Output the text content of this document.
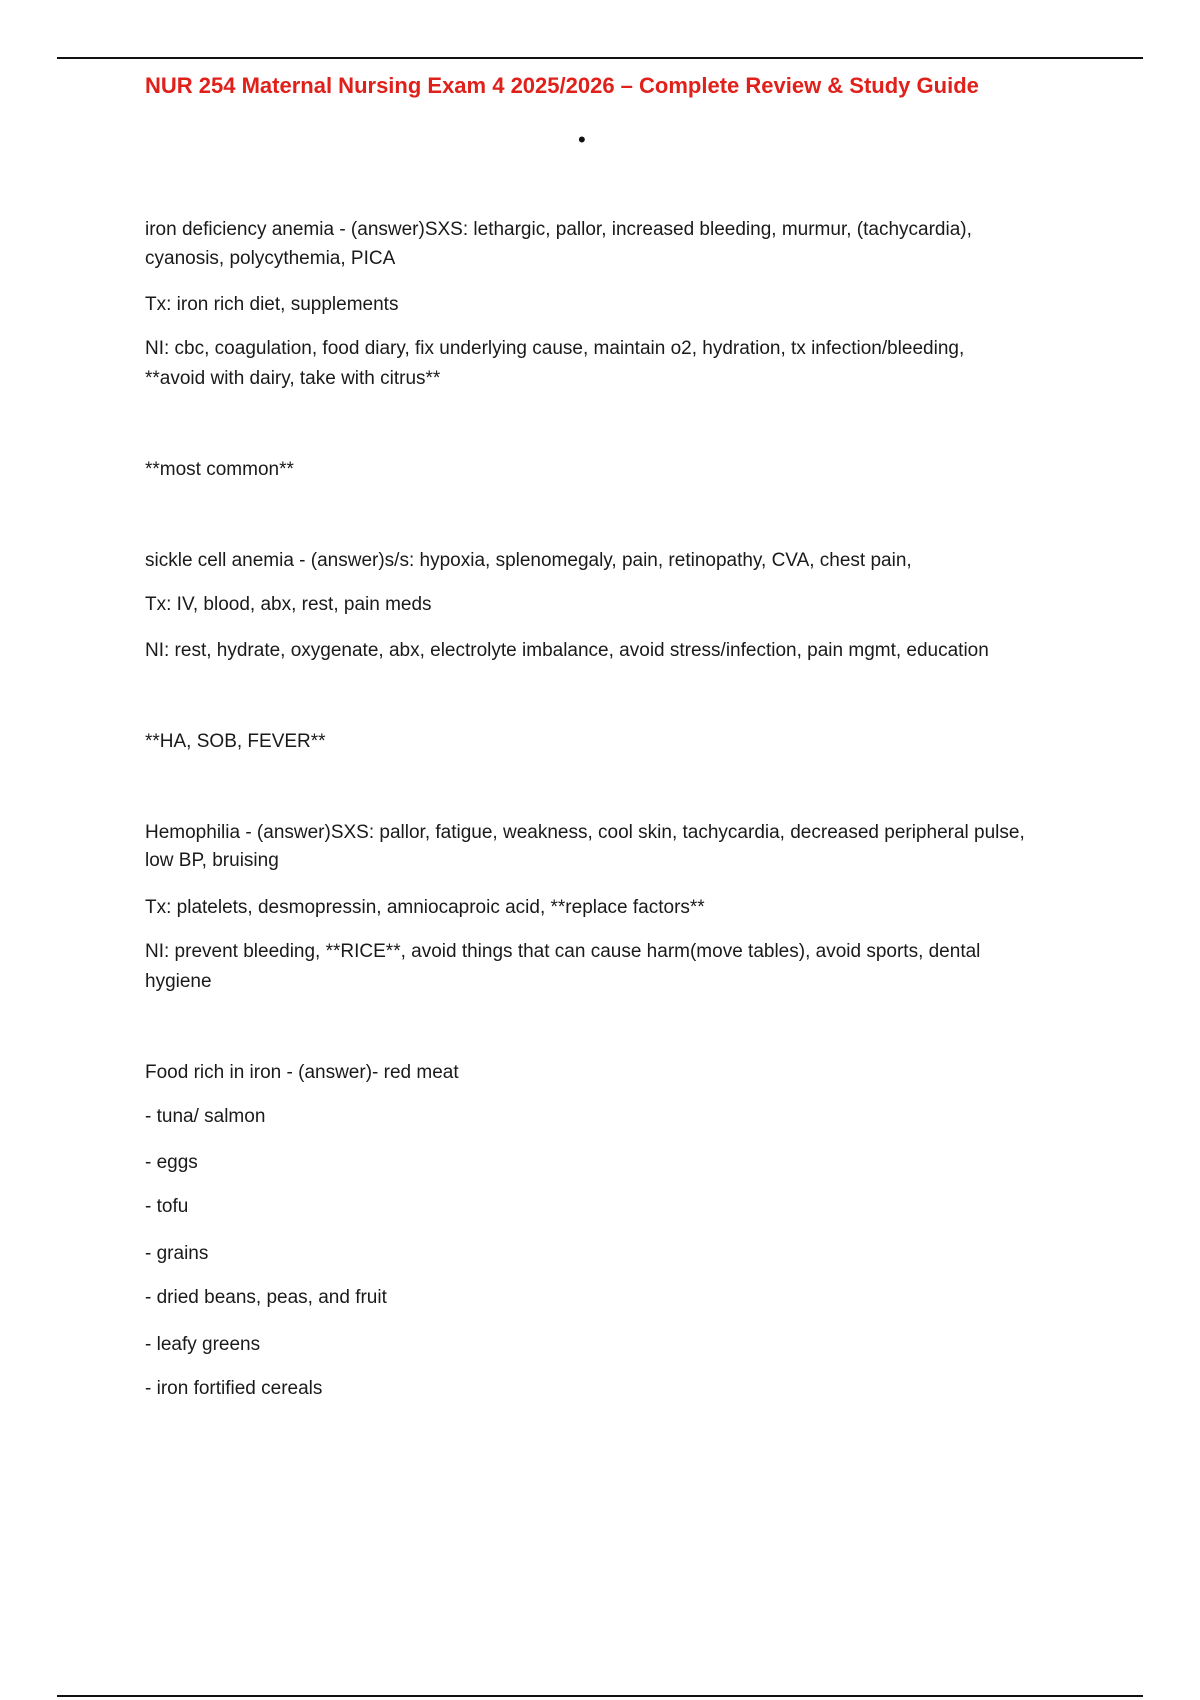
NUR 254 Maternal Nursing Exam 4 2025/2026 – Complete Review & Study Guide
•

iron deficiency anemia - (answer)SXS: lethargic, pallor, increased bleeding, murmur, (tachycardia),

cyanosis, polycythemia, PICA

Tx: iron rich diet, supplements

NI: cbc, coagulation, food diary, fix underlying cause, maintain o2, hydration, tx infection/bleeding,

**avoid with dairy, take with citrus**

**most common**

sickle cell anemia - (answer)s/s: hypoxia, splenomegaly, pain, retinopathy, CVA, chest pain,

Tx: IV, blood, abx, rest, pain meds

NI: rest, hydrate, oxygenate, abx, electrolyte imbalance, avoid stress/infection, pain mgmt, education

**HA, SOB, FEVER**

Hemophilia - (answer)SXS: pallor, fatigue, weakness, cool skin, tachycardia, decreased peripheral pulse,

low BP, bruising

Tx: platelets, desmopressin, amniocaproic acid, **replace factors**

NI: prevent bleeding, **RICE**, avoid things that can cause harm(move tables), avoid sports, dental

hygiene

Food rich in iron - (answer)- red meat

- tuna/ salmon

- eggs

- tofu

- grains

- dried beans, peas, and fruit

- leafy greens

- iron fortified cereals
